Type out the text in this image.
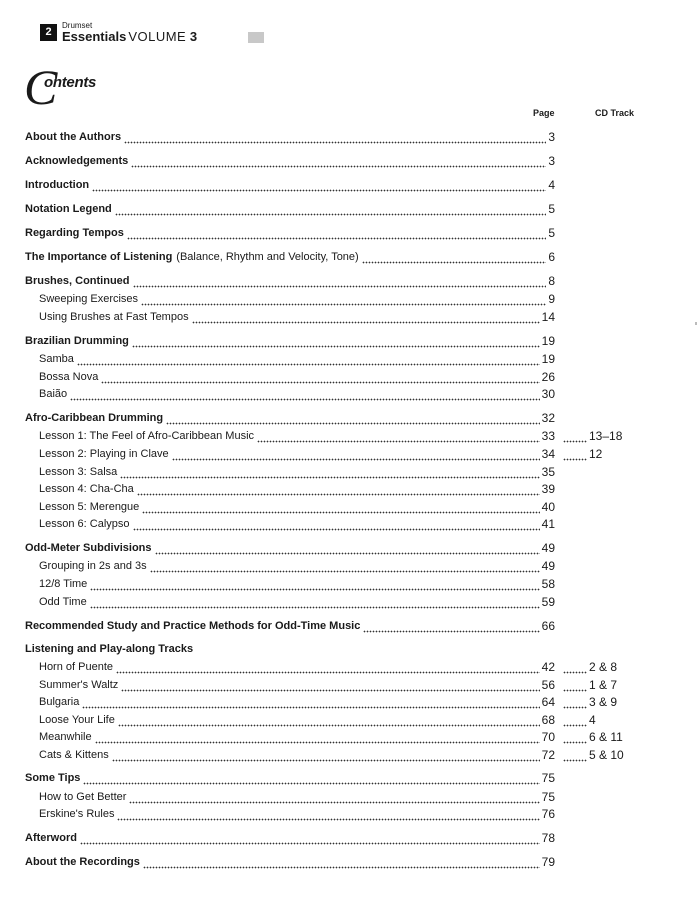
2
Drumset
Essentials VOLUME 3
C
ontents
Page	CD Track
About the Authors	3
Acknowledgements	3
Introduction	4
Notation Legend	5
Regarding Tempos	5
The Importance of Listening (Balance, Rhythm and Velocity, Tone)	6
Brushes, Continued	8
Sweeping Exercises	9
Using Brushes at Fast Tempos	14
Brazilian Drumming	19
Samba	19
Bossa Nova	26
Baião	30
Afro-Caribbean Drumming	32
Lesson 1: The Feel of Afro-Caribbean Music	33	13–18
Lesson 2: Playing in Clave	34	12
Lesson 3: Salsa	35
Lesson 4: Cha-Cha	39
Lesson 5: Merengue	40
Lesson 6: Calypso	41
Odd-Meter Subdivisions	49
Grouping in 2s and 3s	49
12/8 Time	58
Odd Time	59
Recommended Study and Practice Methods for Odd-Time Music	66
Listening and Play-along Tracks
Horn of Puente	42	2 & 8
Summer's Waltz	56	1 & 7
Bulgaria	64	3 & 9
Loose Your Life	68	4
Meanwhile	70	6 & 11
Cats & Kittens	72	5 & 10
Some Tips	75
How to Get Better	75
Erskine's Rules	76
Afterword	78
About the Recordings	79
